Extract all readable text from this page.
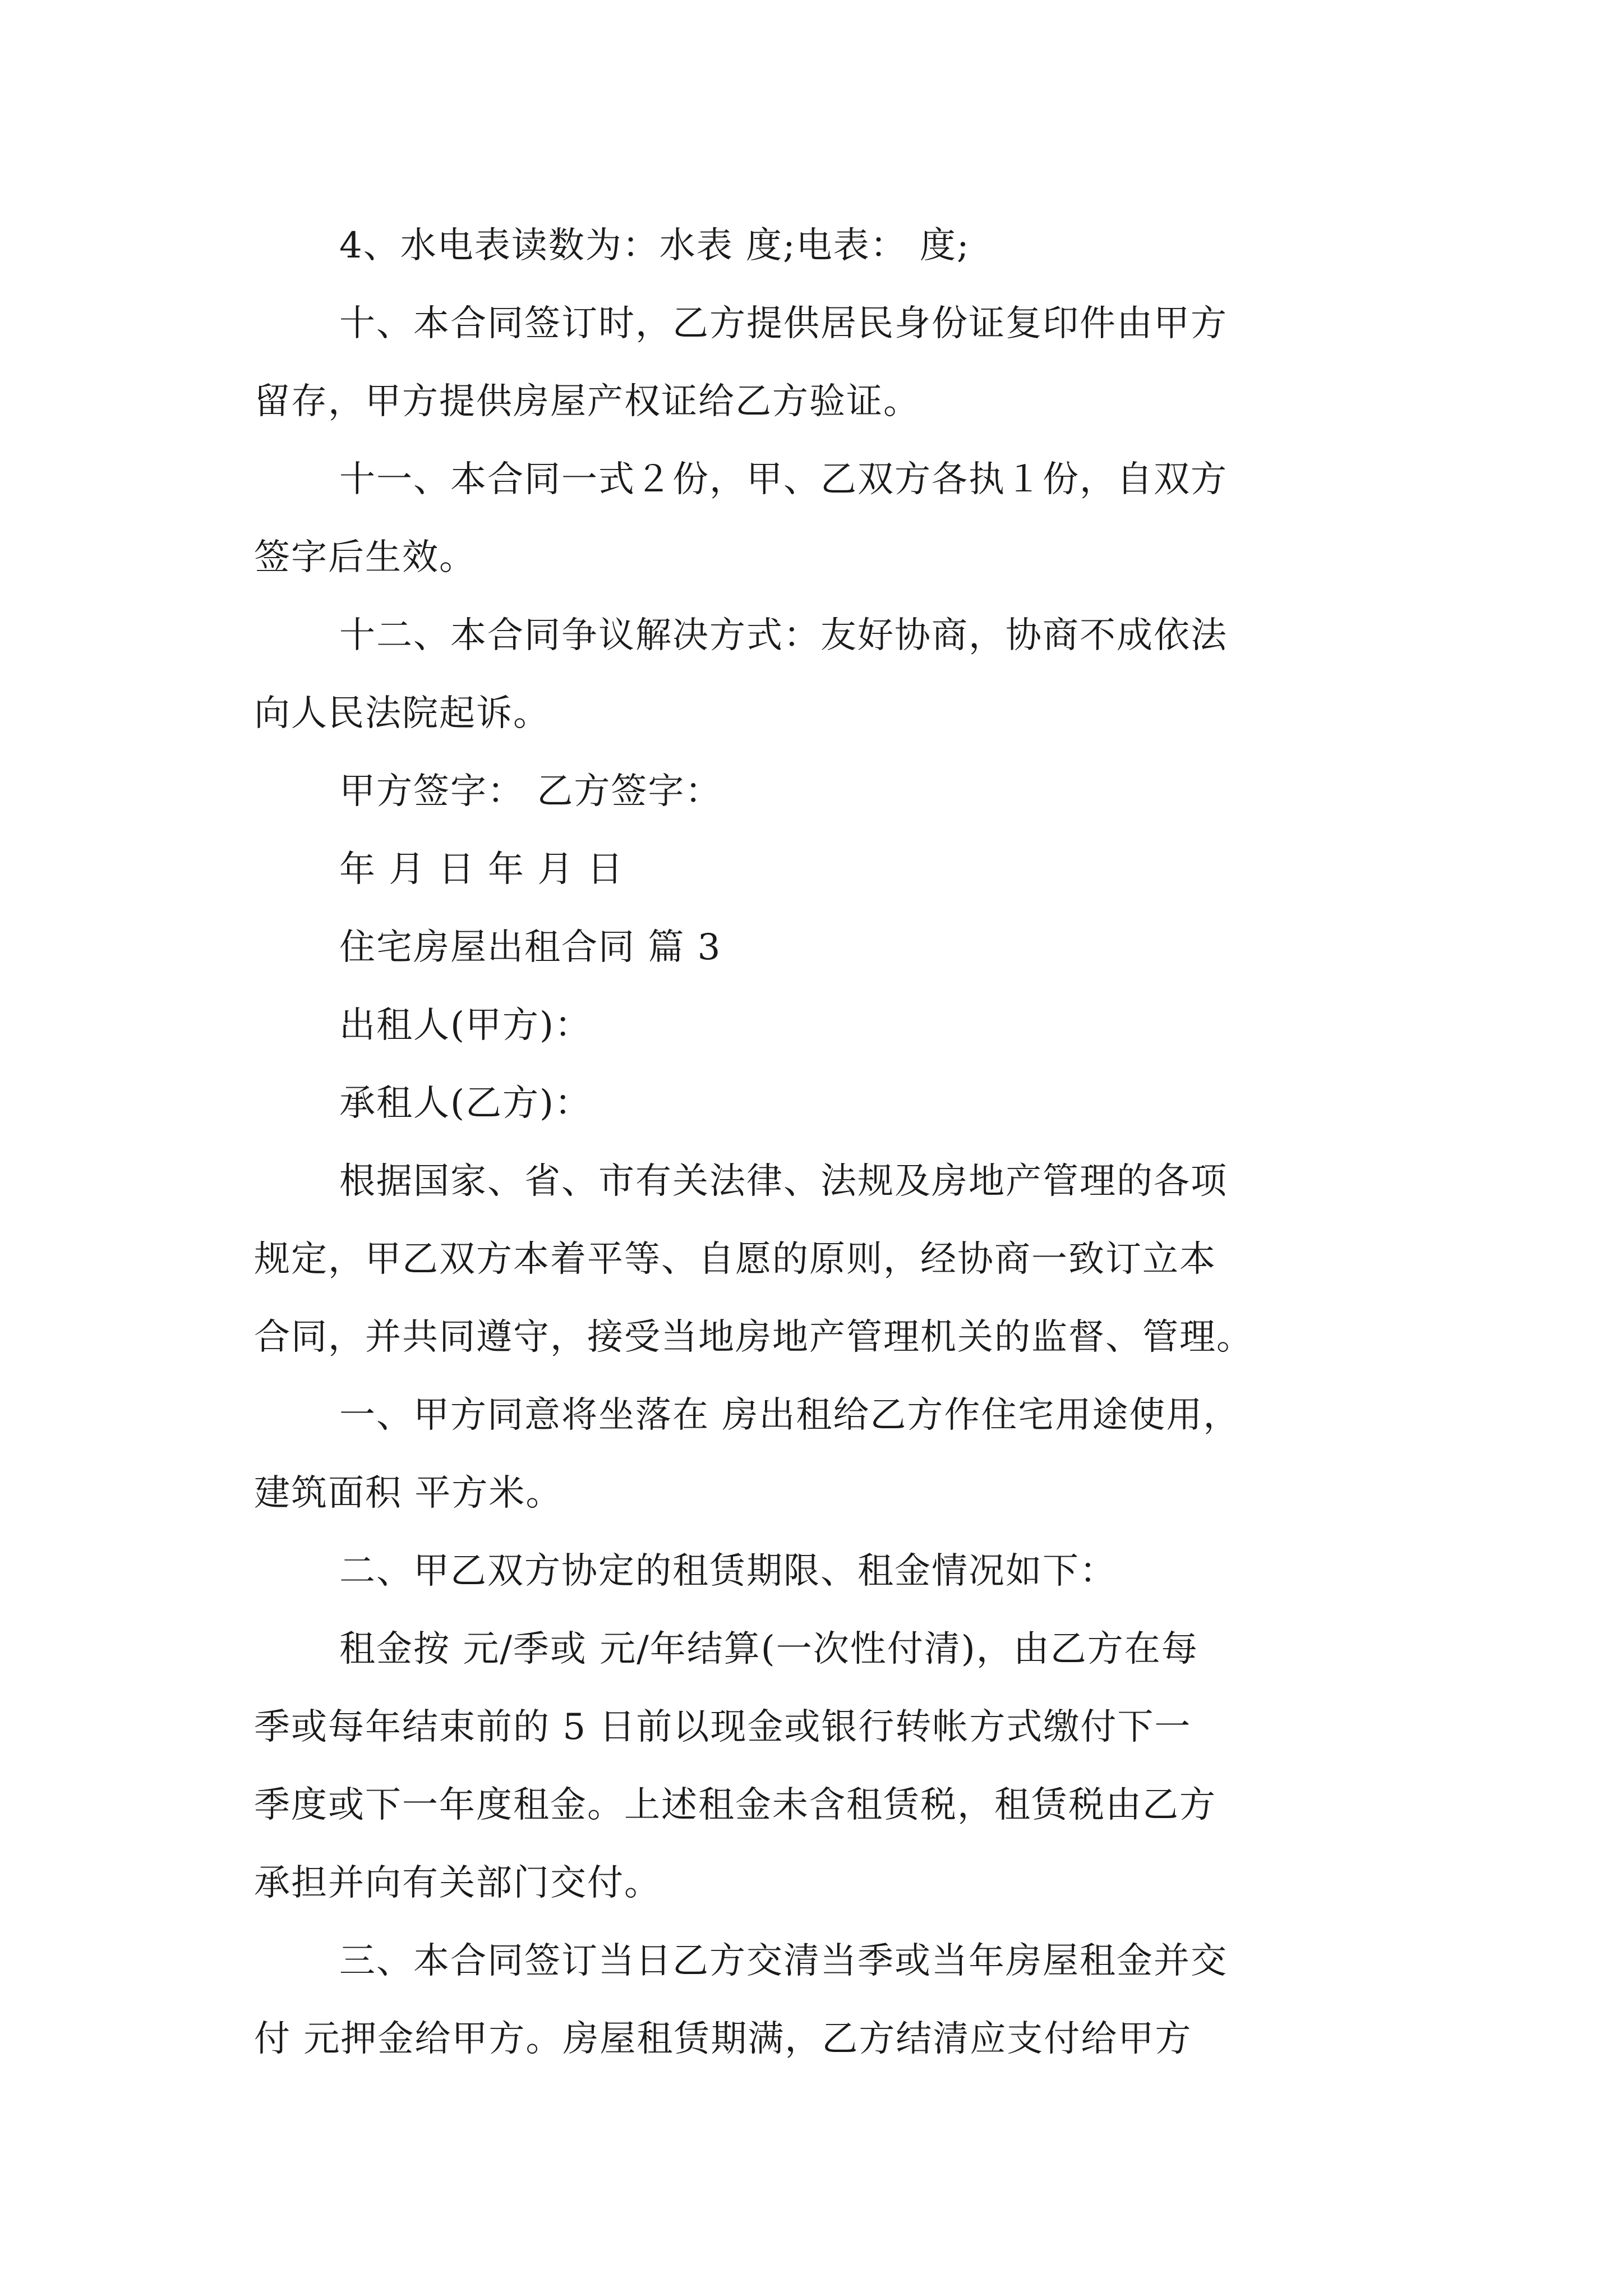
4、水电表读数为：水表 度;电表： 度;
十、本合同签订时，乙方提供居民身份证复印件由甲方
留存，甲方提供房屋产权证给乙方验证。
十一、本合同一式２份，甲、乙双方各执１份，自双方
签字后生效。
十二、本合同争议解决方式：友好协商，协商不成依法
向人民法院起诉。
甲方签字： 乙方签字：
年 月 日 年 月 日
住宅房屋出租合同 篇 3
出租人(甲方)：
承租人(乙方)：
根据国家、省、市有关法律、法规及房地产管理的各项
规定，甲乙双方本着平等、自愿的原则，经协商一致订立本
合同，并共同遵守，接受当地房地产管理机关的监督、管理。
一、甲方同意将坐落在 房出租给乙方作住宅用途使用，
建筑面积 平方米。
二、甲乙双方协定的租赁期限、租金情况如下：
租金按 元/季或 元/年结算(一次性付清)，由乙方在每
季或每年结束前的 5 日前以现金或银行转帐方式缴付下一
季度或下一年度租金。上述租金未含租赁税，租赁税由乙方
承担并向有关部门交付。
三、本合同签订当日乙方交清当季或当年房屋租金并交
付 元押金给甲方。房屋租赁期满，乙方结清应支付给甲方
